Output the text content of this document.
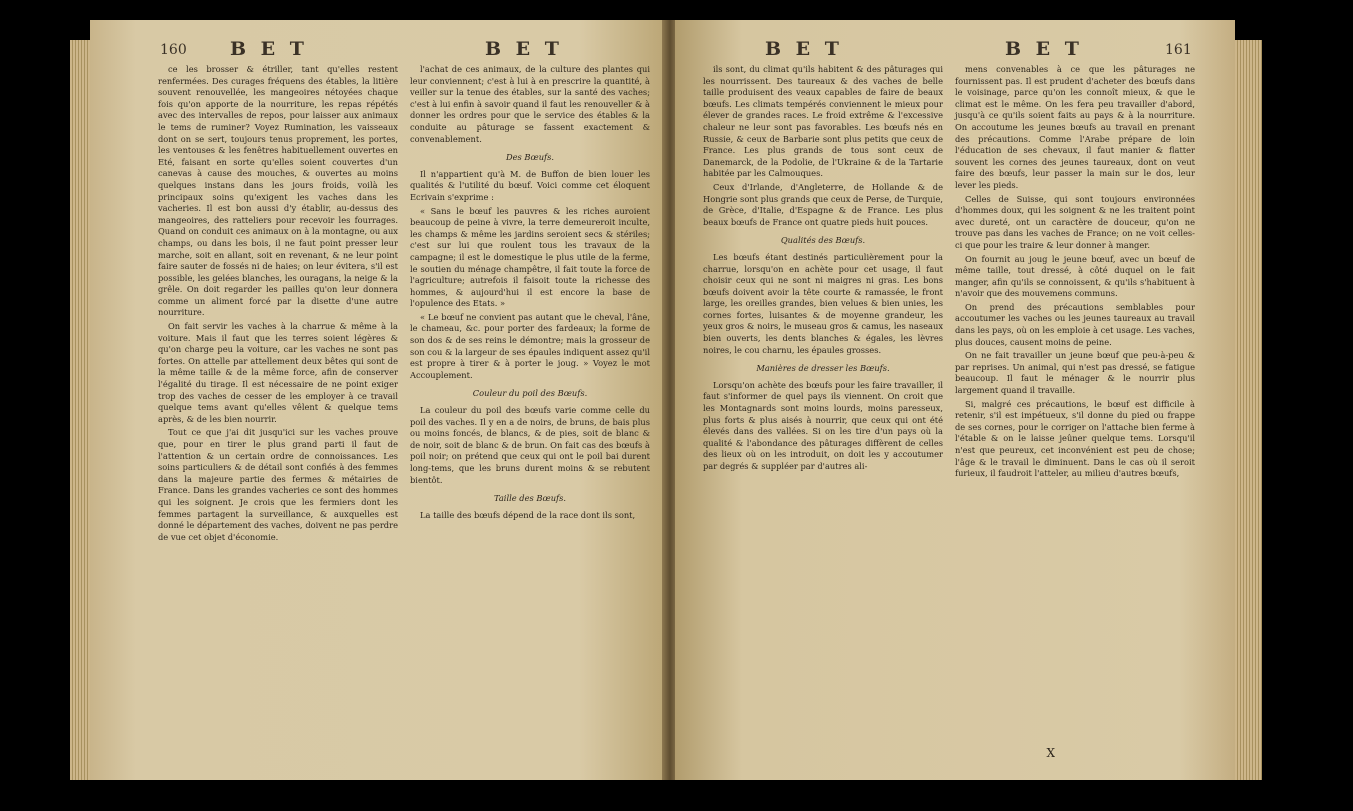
160 B E T	B E T

ce les brosser & étriller, tant qu'elles restent renfermées. Des curages fréquens des étables, la litière souvent renouvellée, les mangeoires nétoyées chaque fois qu'on apporte de la nourriture, les repas répétés avec des intervalles de repos, pour laisser aux animaux le tems de ruminer? Voyez Rumination, les vaisseaux dont on se sert, toujours tenus proprement, les portes, les ventouses & les fenêtres habituellement ouvertes en Eté, faisant en sorte qu'elles soient couvertes d'un canevas à cause des mouches, & ouvertes au moins quelques instans dans les jours froids, voilà les principaux soins qu'exigent les vaches dans les vacheries. Il est bon aussi d'y établir, au-dessus des mangeoires, des ratteliers pour recevoir les fourrages. Quand on conduit ces animaux on à la montagne, ou aux champs, ou dans les bois, il ne faut point presser leur marche, soit en allant, soit en revenant, & ne leur point faire sauter de fossés ni de haies; on leur évitera, s'il est possible, les gelées blanches, les ouragans, la neige & la grêle. On doit regarder les pailles qu'on leur donnera comme un aliment forcé par la disette d'une autre nourriture.

On fait servir les vaches à la charrue & même à la voiture. Mais il faut que les terres soient légères & qu'on charge peu la voiture, car les vaches ne sont pas fortes. On attelle par attellement deux bêtes qui sont de la même taille & de la même force, afin de conserver l'égalité du tirage. Il est nécessaire de ne point exiger trop des vaches de cesser de les employer à ce travail quelque tems avant qu'elles vêlent & quelque tems après, & de les bien nourrir.

Tout ce que j'ai dit jusqu'ici sur les vaches prouve que, pour en tirer le plus grand parti il faut de l'attention & un certain ordre de connoissances. Les soins particuliers & de détail sont confiés à des femmes dans la majeure partie des fermes & métairies de France. Dans les grandes vacheries ce sont des hommes qui les soignent. Je crois que les fermiers dont les femmes partagent la surveillance, & auxquelles est donné le département des vaches, doivent ne pas perdre de vue cet objet d'économie.

l'achat de ces animaux, de la culture des plantes qui leur conviennent; c'est à lui à en prescrire la quantité, à veiller sur la tenue des étables, sur la santé des vaches; c'est à lui enfin à savoir quand il faut les renouveller & à donner les ordres pour que le service des étables & la conduite au pâturage se fassent exactement & convenablement.

Des Bœufs.

Il n'appartient qu'à M. de Buffon de bien louer les qualités & l'utilité du bœuf. Voici comme cet éloquent Ecrivain s'exprime :

« Sans le bœuf les pauvres & les riches auroient beaucoup de peine à vivre, la terre demeureroit inculte, les champs & même les jardins seroient secs & stériles; c'est sur lui que roulent tous les travaux de la campagne; il est le domestique le plus utile de la ferme, le soutien du ménage champêtre, il fait toute la force de l'agriculture; autrefois il faisoit toute la richesse des hommes, & aujourd'hui il est encore la base de l'opulence des Etats. »

« Le bœuf ne convient pas autant que le cheval, l'âne, le chameau, &c. pour porter des fardeaux; la forme de son dos & de ses reins le démontre; mais la grosseur de son cou & la largeur de ses épaules indiquent assez qu'il est propre à tirer & à porter le joug. » Voyez le mot Accouplement.

Couleur du poil des Bœufs.

La couleur du poil des bœufs varie comme celle du poil des vaches. Il y en a de noirs, de bruns, de bais plus ou moins foncés, de blancs, & de pies, soit de blanc & de noir, soit de blanc & de brun. On fait cas des bœufs à poil noir; on prétend que ceux qui ont le poil bai durent long-tems, que les bruns durent moins & se rebutent bientôt.

Taille des Bœufs.

La taille des bœufs dépend de la race dont ils sont,

B E T	B E T	161

ils sont, du climat qu'ils habitent & des pâturages qui les nourrissent. Des taureaux & des vaches de belle taille produisent des veaux capables de faire de beaux bœufs. Les climats tempérés conviennent le mieux pour élever de grandes races. Le froid extrême & l'excessive chaleur ne leur sont pas favorables. Les bœufs nés en Russie, & ceux de Barbarie sont plus petits que ceux de France. Les plus grands de tous sont ceux de Danemarck, de la Podolie, de l'Ukraine & de la Tartarie habitée par les Calmouques.

Ceux d'Irlande, d'Angleterre, de Hollande & de Hongrie sont plus grands que ceux de Perse, de Turquie, de Grèce, d'Italie, d'Espagne & de France. Les plus beaux bœufs de France ont quatre pieds huit pouces.

Qualités des Bœufs.

Les bœufs étant destinés particulièrement pour la charrue, lorsqu'on en achète pour cet usage, il faut choisir ceux qui ne sont ni maigres ni gras. Les bons bœufs doivent avoir la tête courte & ramassée, le front large, les oreilles grandes, bien velues & bien unies, les cornes fortes, luisantes & de moyenne grandeur, les yeux gros & noirs, le museau gros & camus, les naseaux bien ouverts, les dents blanches & égales, les lèvres noires, le cou charnu, les épaules grosses.

Manières de dresser les Bœufs.

Lorsqu'on achète des bœufs pour les faire travailler, il faut s'informer de quel pays ils viennent. On croit que les Montagnards sont moins lourds, moins paresseux, plus forts & plus aisés à nourrir, que ceux qui ont été élevés dans des vallées. Si on les tire d'un pays où la qualité & l'abondance des pâturages diffèrent de celles des lieux où on les introduit, on doit les y accoutumer par degrés & suppléer par d'autres ali-

mens convenables à ce que les pâturages ne fournissent pas. Il est prudent d'acheter des bœufs dans le voisinage, parce qu'on les connoît mieux, & que le climat est le même. On les fera peu travailler d'abord, jusqu'à ce qu'ils soient faits au pays & à la nourriture. On accoutume les jeunes bœufs au travail en prenant des précautions. Comme l'Arabe prépare de loin l'éducation de ses chevaux, il faut manier & flatter souvent les cornes des jeunes taureaux, dont on veut faire des bœufs, leur passer la main sur le dos, leur lever les pieds.

Celles de Suisse, qui sont toujours environnées d'hommes doux, qui les soignent & ne les traitent point avec dureté, ont un caractère de douceur, qu'on ne trouve pas dans les vaches de France; on ne voit celles-ci que pour les traire & leur donner à manger.

On fournit au joug le jeune bœuf, avec un bœuf de même taille, tout dressé, à côté duquel on le fait manger, afin qu'ils se connoissent, & qu'ils s'habituent à n'avoir que des mouvemens communs.

On prend des précautions semblables pour accoutumer les vaches ou les jeunes taureaux au travail dans les pays, où on les emploie à cet usage. Les vaches, plus douces, causent moins de peine.

On ne fait travailler un jeune bœuf que peu-à-peu & par reprises. Un animal, qui n'est pas dressé, se fatigue beaucoup. Il faut le ménager & le nourrir plus largement quand il travaille.

Si, malgré ces précautions, le bœuf est difficile à retenir, s'il est impétueux, s'il donne du pied ou frappe de ses cornes, pour le corriger on l'attache bien ferme à l'étable & on le laisse jeûner quelque tems. Lorsqu'il n'est que peureux, cet inconvénient est peu de chose; l'âge & le travail le diminuent. Dans le cas où il seroit furieux, il faudroit l'atteler, au milieu d'autres bœufs,

X
